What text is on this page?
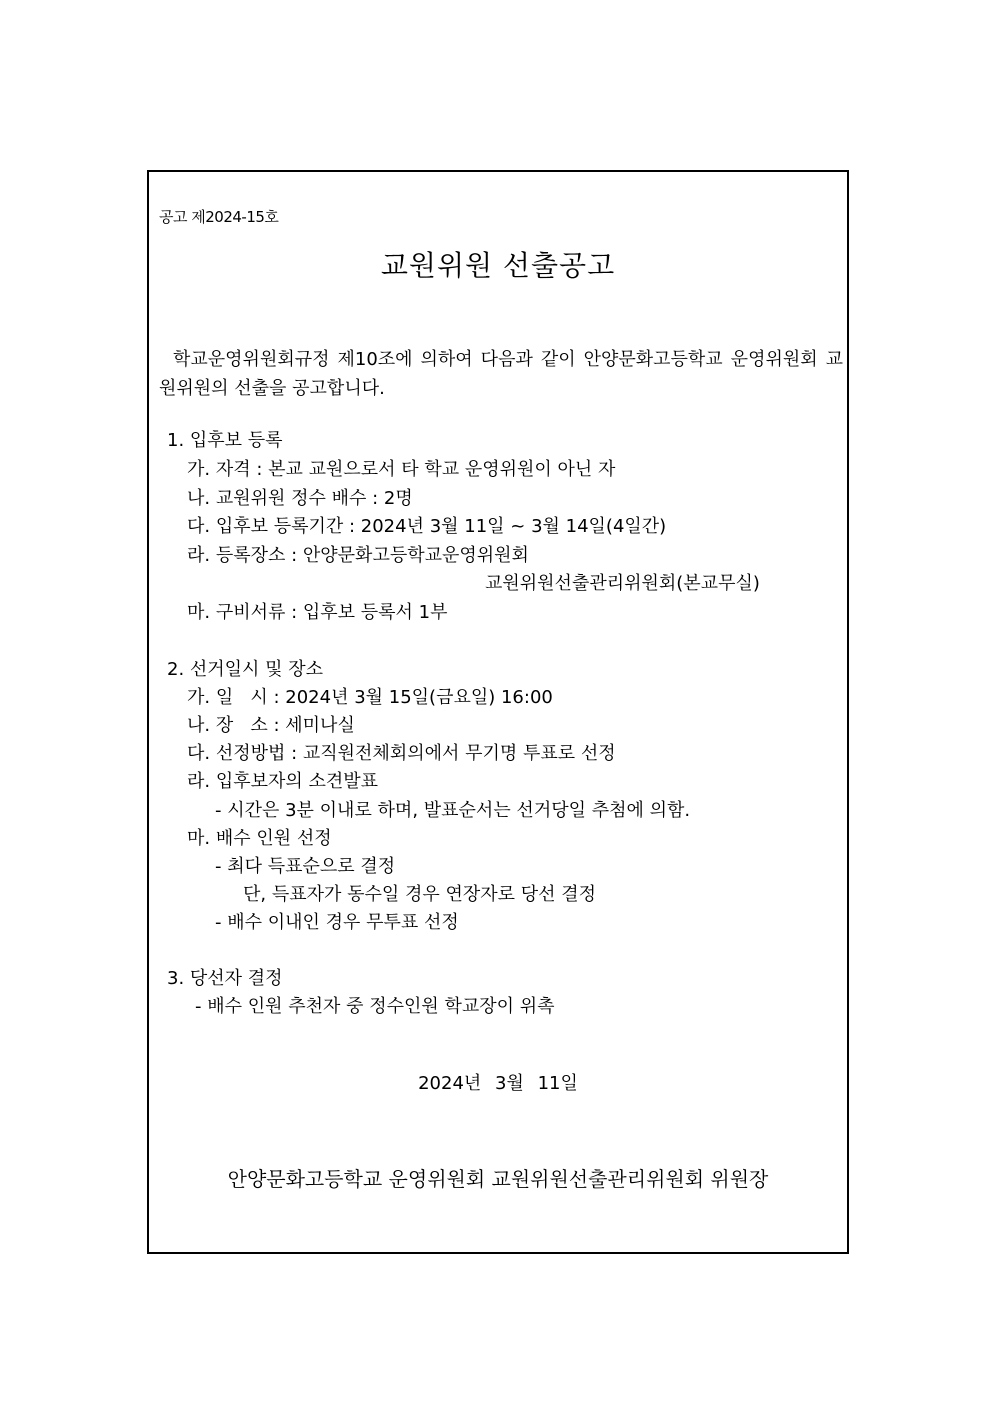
공고 제2024-15호
교원위원 선출공고
학교운영위원회규정 제10조에 의하여 다음과 같이 안양문화고등학교 운영위원회 교원위원의 선출을 공고합니다.
1. 입후보 등록
가. 자격 : 본교 교원으로서 타 학교 운영위원이 아닌 자
나. 교원위원 정수 배수 : 2명
다. 입후보 등록기간 : 2024년 3월 11일 ~ 3월 14일(4일간)
라. 등록장소 : 안양문화고등학교운영위원회
교원위원선출관리위원회(본교무실)
마. 구비서류 : 입후보 등록서 1부
2. 선거일시 및 장소
가. 일   시 : 2024년 3월 15일(금요일) 16:00
나. 장   소 : 세미나실
다. 선정방법 : 교직원전체회의에서 무기명 투표로 선정
라. 입후보자의 소견발표
- 시간은 3분 이내로 하며, 발표순서는 선거당일 추첨에 의함.
마. 배수 인원 선정
- 최다 득표순으로 결정
단, 득표자가 동수일 경우 연장자로 당선 결정
- 배수 이내인 경우 무투표 선정
3. 당선자 결정
- 배수 인원 추천자 중 정수인원 학교장이 위촉
2024년 3월 11일
안양문화고등학교 운영위원회 교원위원선출관리위원회 위원장
